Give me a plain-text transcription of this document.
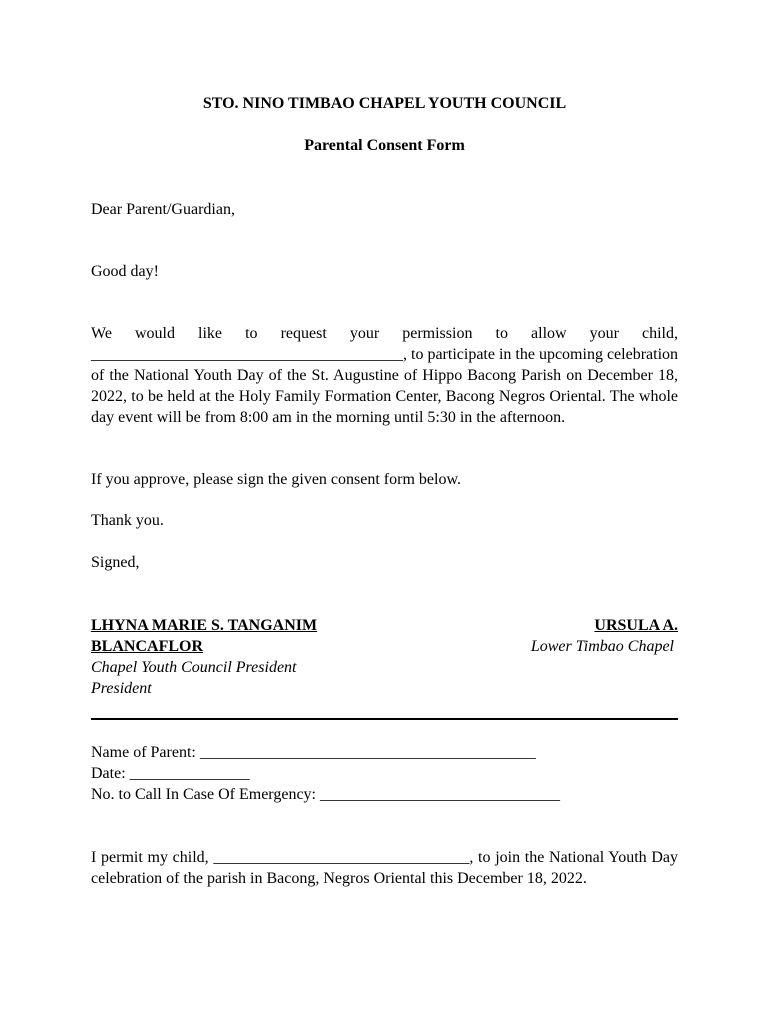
STO. NINO TIMBAO CHAPEL YOUTH COUNCIL
Parental Consent Form
Dear Parent/Guardian,
Good day!
We would like to request your permission to allow your child,
_______________________________________, to participate in the upcoming celebration of the National Youth Day of the St. Augustine of Hippo Bacong Parish on December 18, 2022, to be held at the Holy Family Formation Center, Bacong Negros Oriental. The whole day event will be from 8:00 am in the morning until 5:30 in the afternoon.
If you approve, please sign the given consent form below.
Thank you.
Signed,
LHYNA MARIE S. TANGANIM
BLANCAFLOR
Chapel Youth Council President
President
URSULA A.
Lower Timbao Chapel
Name of Parent: __________________________________________
Date: _______________
No. to Call In Case Of Emergency: ______________________________
I permit my child, ________________________________, to join the National Youth Day celebration of the parish in Bacong, Negros Oriental this December 18, 2022.
